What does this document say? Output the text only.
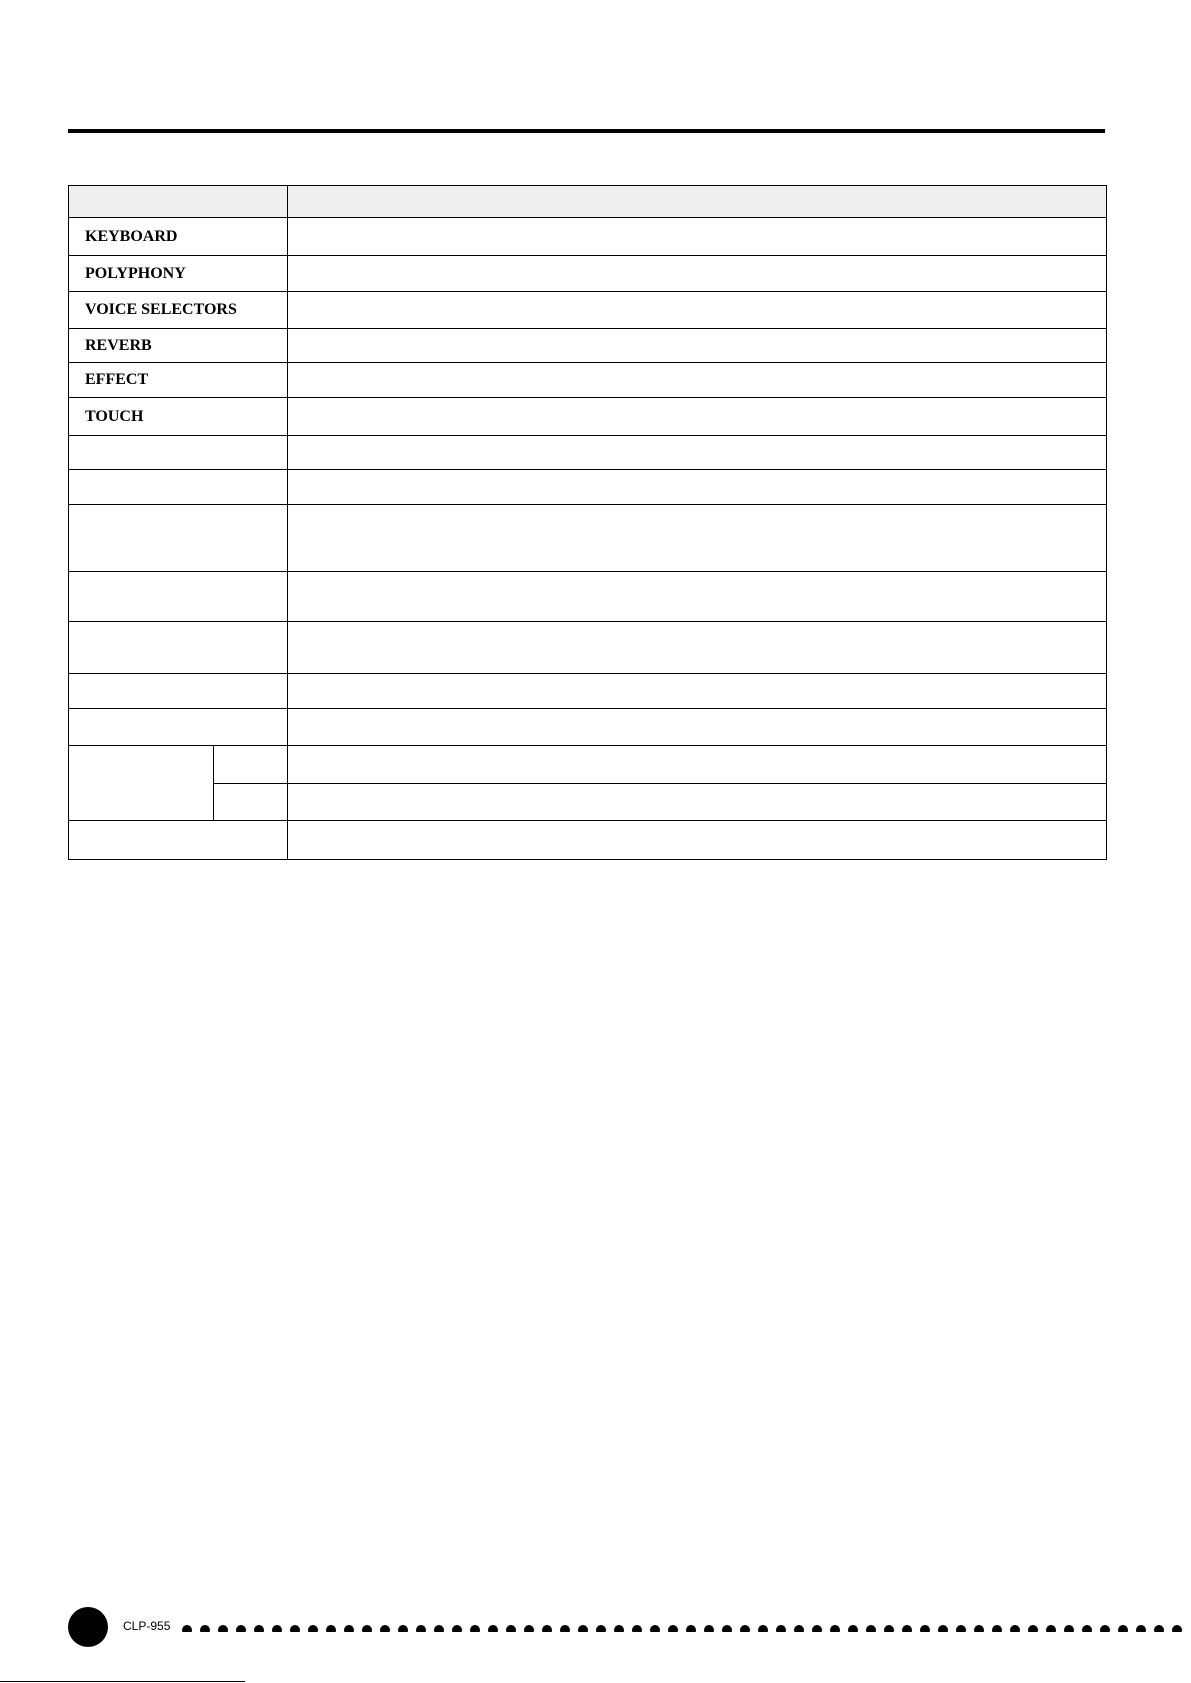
KEYBOARD		
POLYPHONY		
VOICE SELECTORS		
REVERB		
EFFECT		
TOUCH		

CLP-955
